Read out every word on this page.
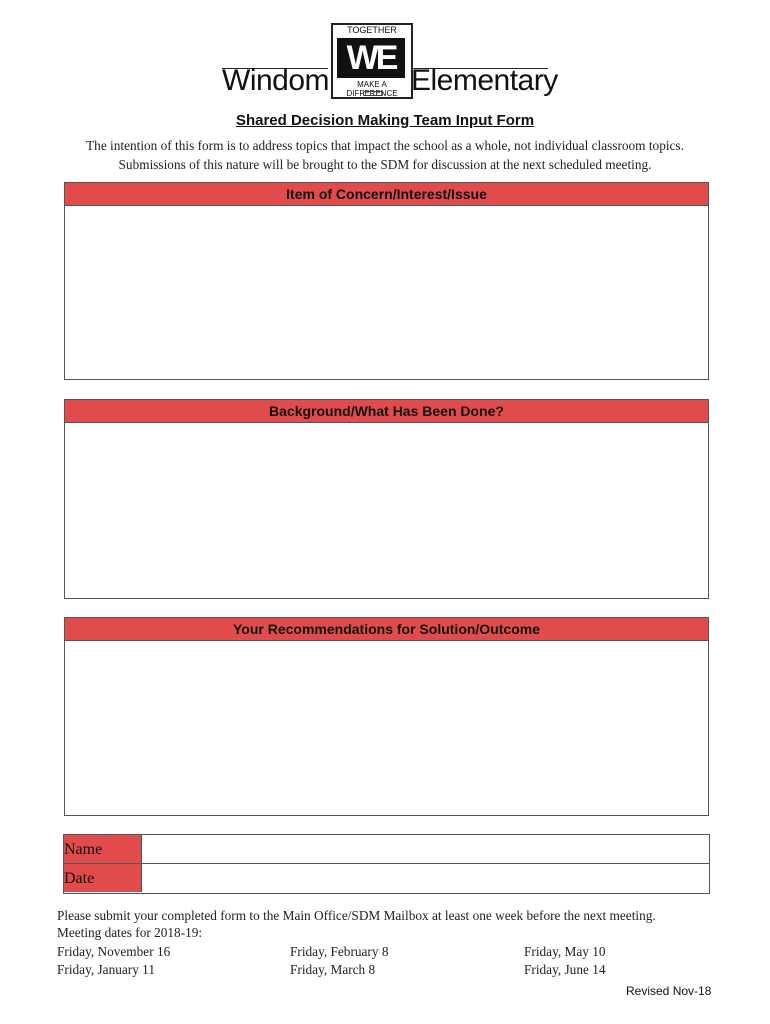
Windom
TOGETHER
WE
MAKE A DIFFERENCE Elementary
Shared Decision Making Team Input Form
The intention of this form is to address topics that impact the school as a whole, not individual classroom topics. Submissions of this nature will be brought to the SDM for discussion at the next scheduled meeting.
Item of Concern/Interest/Issue
Background/What Has Been Done?
Your Recommendations for Solution/Outcome
Name
Date
Please submit your completed form to the Main Office/SDM Mailbox at least one week before the next meeting.
Meeting dates for 2018-19:
Friday, November 16
Friday, January 11
Friday, February 8
Friday, March 8
Friday, May 10
Friday, June 14
Revised Nov-18
